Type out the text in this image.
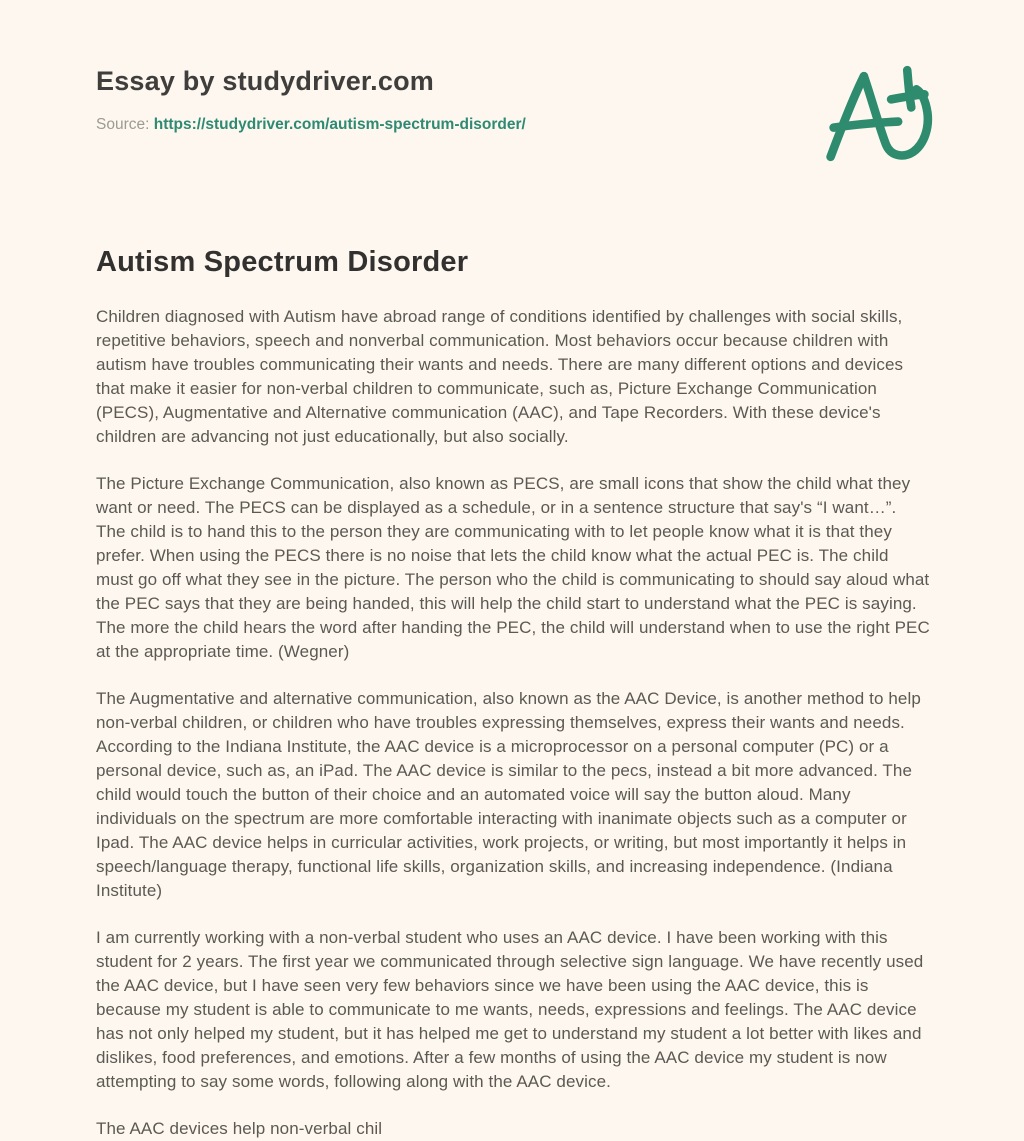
Essay by studydriver.com
Source: https://studydriver.com/autism-spectrum-disorder/
Autism Spectrum Disorder

Children diagnosed with Autism have abroad range of conditions identified by challenges with social skills, repetitive behaviors, speech and nonverbal communication. Most behaviors occur because children with autism have troubles communicating their wants and needs. There are many different options and devices that make it easier for non-verbal children to communicate, such as, Picture Exchange Communication (PECS), Augmentative and Alternative communication (AAC), and Tape Recorders. With these device's children are advancing not just educationally, but also socially.

The Picture Exchange Communication, also known as PECS, are small icons that show the child what they want or need. The PECS can be displayed as a schedule, or in a sentence structure that say's “I want…”. The child is to hand this to the person they are communicating with to let people know what it is that they prefer. When using the PECS there is no noise that lets the child know what the actual PEC is. The child must go off what they see in the picture. The person who the child is communicating to should say aloud what the PEC says that they are being handed, this will help the child start to understand what the PEC is saying. The more the child hears the word after handing the PEC, the child will understand when to use the right PEC at the appropriate time. (Wegner)

The Augmentative and alternative communication, also known as the AAC Device, is another method to help non-verbal children, or children who have troubles expressing themselves, express their wants and needs. According to the Indiana Institute, the AAC device is a microprocessor on a personal computer (PC) or a personal device, such as, an iPad. The AAC device is similar to the pecs, instead a bit more advanced. The child would touch the button of their choice and an automated voice will say the button aloud. Many individuals on the spectrum are more comfortable interacting with inanimate objects such as a computer or Ipad. The AAC device helps in curricular activities, work projects, or writing, but most importantly it helps in speech/language therapy, functional life skills, organization skills, and increasing independence. (Indiana Institute)

I am currently working with a non-verbal student who uses an AAC device. I have been working with this student for 2 years. The first year we communicated through selective sign language. We have recently used the AAC device, but I have seen very few behaviors since we have been using the AAC device, this is because my student is able to communicate to me wants, needs, expressions and feelings. The AAC device has not only helped my student, but it has helped me get to understand my student a lot better with likes and dislikes, food preferences, and emotions. After a few months of using the AAC device my student is now attempting to say some words, following along with the AAC device.

The AAC devices help non-verbal chil
